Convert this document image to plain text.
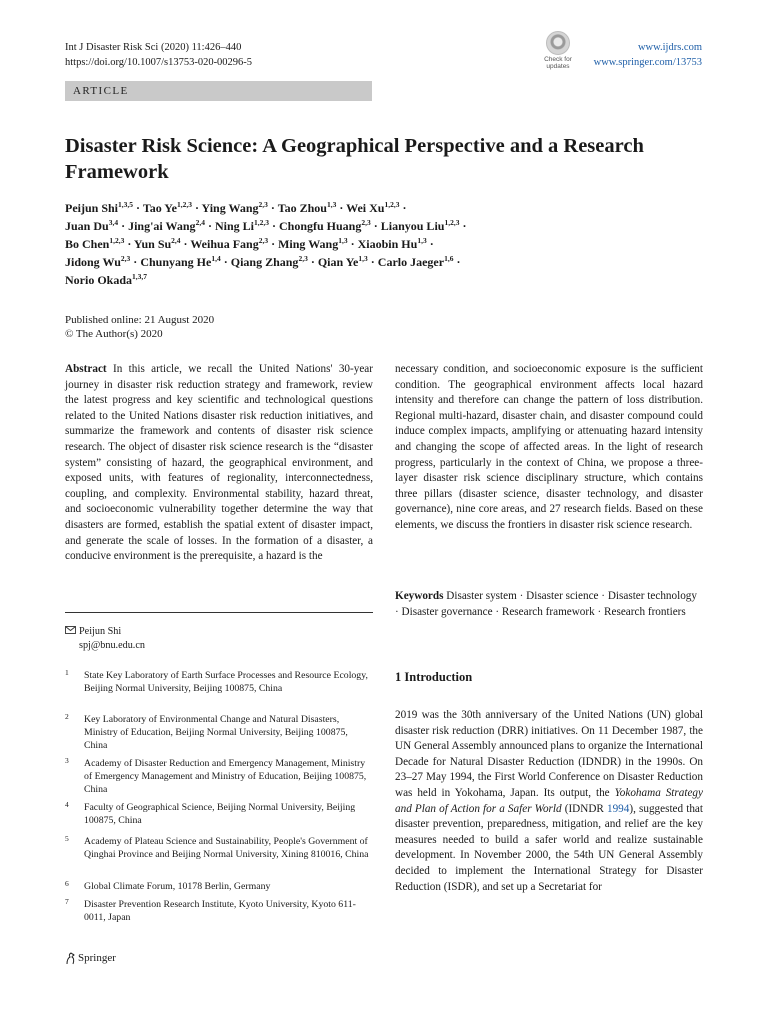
Int J Disaster Risk Sci (2020) 11:426–440
https://doi.org/10.1007/s13753-020-00296-5	Check for
updates
www.ijdrs.com
www.springer.com/13753
ARTICLE
Disaster Risk Science: A Geographical Perspective and a Research Framework
Peijun Shi$^{1,3,5}$ · Tao Ye$^{1,2,3}$ · Ying Wang$^{2,3}$ · Tao Zhou$^{1,3}$ · Wei Xu$^{1,2,3}$ ·
Juan Du$^{3,4}$ · Jing'ai Wang$^{2,4}$ · Ning Li$^{1,2,3}$ · Chongfu Huang$^{2,3}$ · Lianyou Liu$^{1,2,3}$ ·
Bo Chen$^{1,2,3}$ · Yun Su$^{2,4}$ · Weihua Fang$^{2,3}$ · Ming Wang$^{1,3}$ · Xiaobin Hu$^{1,3}$ ·
Jidong Wu$^{2,3}$ · Chunyang He$^{1,4}$ · Qiang Zhang$^{2,3}$ · Qian Ye$^{1,3}$ · Carlo Jaeger$^{1,6}$ ·
Norio Okada$^{1,3,7}$
Published online: 21 August 2020
© The Author(s) 2020
Abstract In this article, we recall the United Nations' 30-year journey in disaster risk reduction strategy and framework, review the latest progress and key scientific and technological questions related to the United Nations disaster risk reduction initiatives, and summarize the framework and contents of disaster risk science research. The object of disaster risk science research is the “disaster system” consisting of hazard, the geographical environment, and exposed units, with features of regionality, interconnectedness, coupling, and complexity. Environmental stability, hazard threat, and socioeconomic vulnerability together determine the way that disasters are formed, establish the spatial extent of disaster impact, and generate the scale of losses. In the formation of a disaster, a conducive environment is the prerequisite, a hazard is the
necessary condition, and socioeconomic exposure is the sufficient condition. The geographical environment affects local hazard intensity and therefore can change the pattern of loss distribution. Regional multi-hazard, disaster chain, and disaster compound could induce complex impacts, amplifying or attenuating hazard intensity and changing the scope of affected areas. In the light of research progress, particularly in the context of China, we propose a three-layer disaster risk science disciplinary structure, which contains three pillars (disaster science, disaster technology, and disaster governance), nine core areas, and 27 research fields. Based on these elements, we discuss the frontiers in disaster risk science research.
Keywords Disaster system · Disaster science · Disaster technology · Disaster governance · Research framework · Research frontiers
Peijun Shi
spj@bnu.edu.cn
1 State Key Laboratory of Earth Surface Processes and Resource Ecology, Beijing Normal University, Beijing 100875, China
2 Key Laboratory of Environmental Change and Natural Disasters, Ministry of Education, Beijing Normal University, Beijing 100875, China
3 Academy of Disaster Reduction and Emergency Management, Ministry of Emergency Management and Ministry of Education, Beijing 100875, China
4 Faculty of Geographical Science, Beijing Normal University, Beijing 100875, China
5 Academy of Plateau Science and Sustainability, People's Government of Qinghai Province and Beijing Normal University, Xining 810016, China
6 Global Climate Forum, 10178 Berlin, Germany
7 Disaster Prevention Research Institute, Kyoto University, Kyoto 611-0011, Japan
1 Introduction
2019 was the 30th anniversary of the United Nations (UN) global disaster risk reduction (DRR) initiatives. On 11 December 1987, the UN General Assembly announced plans to organize the International Decade for Natural Disaster Reduction (IDNDR) in the 1990s. On 23–27 May 1994, the First World Conference on Disaster Reduction was held in Yokohama, Japan. Its output, the Yokohama Strategy and Plan of Action for a Safer World (IDNDR 1994), suggested that disaster prevention, preparedness, mitigation, and relief are the key measures needed to build a safer world and realize sustainable development. In November 2000, the 54th UN General Assembly decided to implement the International Strategy for Disaster Reduction (ISDR), and set up a Secretariat for
Springer
